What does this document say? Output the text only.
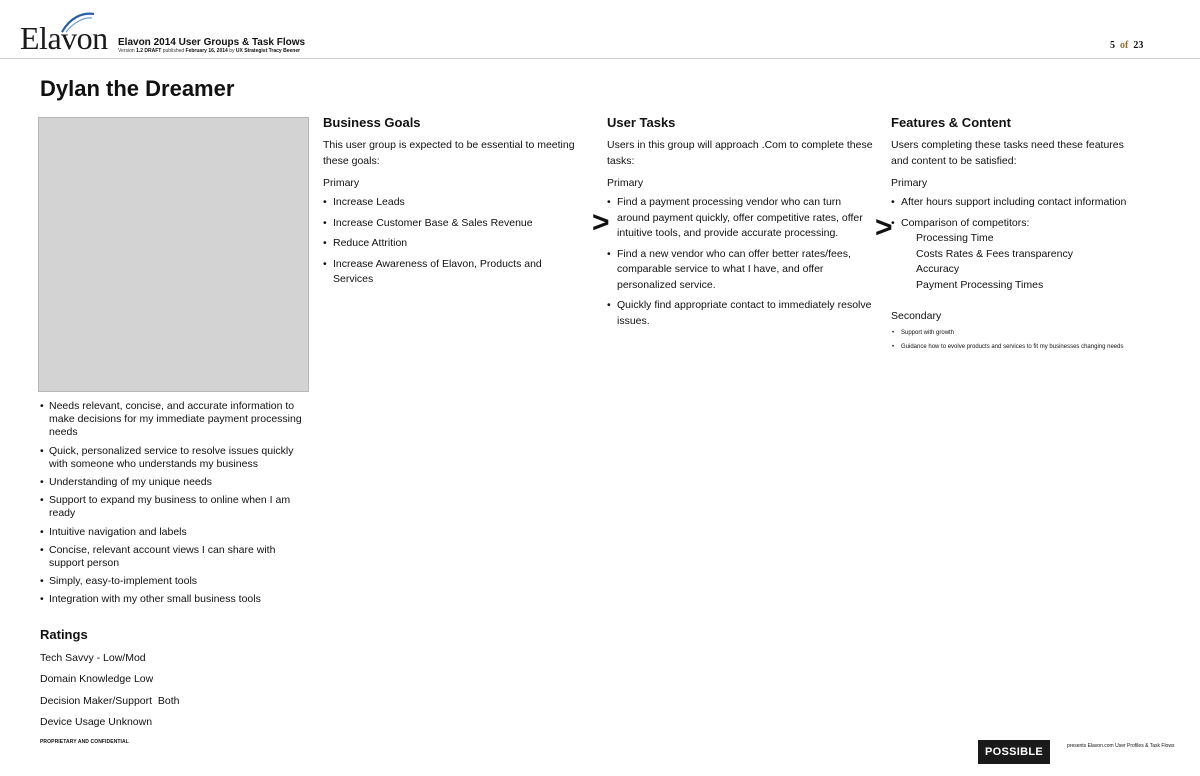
Elavon Elavon 2014 User Groups & Task Flows
Version 1.2 DRAFT published February 16, 2014 by UX Strategist Tracy Beener	5 of 23
Dylan the Dreamer
Business Goals

This user group is expected to be essential to meeting these goals:

Primary

• Increase Leads
• Increase Customer Base & Sales Revenue
• Reduce Attrition
• Increase Awareness of Elavon, Products and Services
>
User Tasks

Users in this group will approach .Com to complete these tasks:

Primary

• Find a payment processing vendor who can turn around payment quickly, offer competitive rates, offer intuitive tools, and provide accurate processing.
• Find a new vendor who can offer better rates/fees, comparable service to what I have, and offer personalized service.
• Quickly find appropriate contact to immediately resolve issues.
>
Features & Content

Users completing these tasks need these features and content to be satisfied:

Primary

• After hours support including contact information
• Comparison of competitors:
Processing Time
Costs Rates & Fees transparency
Accuracy
Payment Processing Times

Secondary

• Support with growth
• Guidance how to evolve products and services to fit my businesses changing needs
• Needs relevant, concise, and accurate information to make decisions for my immediate payment processing needs
• Quick, personalized service to resolve issues quickly with someone who understands my business
• Understanding of my unique needs
• Support to expand my business to online when I am ready
• Intuitive navigation and labels
• Concise, relevant account views I can share with support person
• Simply, easy-to-implement tools
• Integration with my other small business tools
Ratings
Tech Savvy - Low/Mod
Domain Knowledge Low
Decision Maker/Support  Both
Device Usage Unknown
PROPRIETARY AND CONFIDENTIAL
POSSIBLE	presents Elavon.com User Profiles & Task Flows
